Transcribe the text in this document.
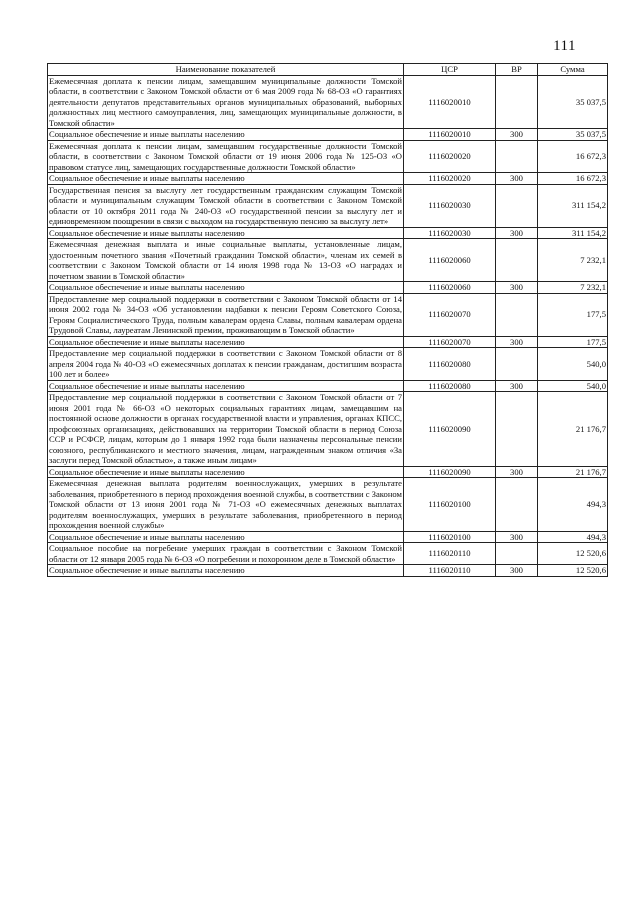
111
Наименование показателей	ЦСР	ВР	Сумма
Ежемесячная доплата к пенсии лицам, замещавшим муниципальные должности Томской области, в соответствии с Законом Томской области от 6 мая 2009 года № 68-ОЗ «О гарантиях деятельности депутатов представительных органов муниципальных образований, выборных должностных лиц местного самоуправления, лиц, замещающих муниципальные должности, в Томской области»	1116020010		35 037,5
Социальное обеспечение и иные выплаты населению	1116020010	300	35 037,5
Ежемесячная доплата к пенсии лицам, замещавшим государственные должности Томской области, в соответствии с Законом Томской области от 19 июня 2006 года № 125-ОЗ «О правовом статусе лиц, замещающих государственные должности Томской области»	1116020020		16 672,3
Социальное обеспечение и иные выплаты населению	1116020020	300	16 672,3
Государственная пенсия за выслугу лет государственным гражданским служащим Томской области и муниципальным служащим Томской области в соответствии с Законом Томской области от 10 октября 2011 года № 240-ОЗ «О государственной пенсии за выслугу лет и единовременном поощрении в связи с выходом на государственную пенсию за выслугу лет»	1116020030		311 154,2
Социальное обеспечение и иные выплаты населению	1116020030	300	311 154,2
Ежемесячная денежная выплата и иные социальные выплаты, установленные лицам, удостоенным почетного звания «Почетный гражданин Томской области», членам их семей в соответствии с Законом Томской области от 14 июля 1998 года № 13-ОЗ «О наградах и почетном звании в Томской области»	1116020060		7 232,1
Социальное обеспечение и иные выплаты населению	1116020060	300	7 232,1
Предоставление мер социальной поддержки в соответствии с Законом Томской области от 14 июня 2002 года № 34-ОЗ «Об установлении надбавки к пенсии Героям Советского Союза, Героям Социалистического Труда, полным кавалерам ордена Славы, полным кавалерам ордена Трудовой Славы, лауреатам Ленинской премии, проживающим в Томской области»	1116020070		177,5
Социальное обеспечение и иные выплаты населению	1116020070	300	177,5
Предоставление мер социальной поддержки в соответствии с Законом Томской области от 8 апреля 2004 года № 40-ОЗ «О ежемесячных доплатах к пенсии гражданам, достигшим возраста 100 лет и более»	1116020080		540,0
Социальное обеспечение и иные выплаты населению	1116020080	300	540,0
Предоставление мер социальной поддержки в соответствии с Законом Томской области от 7 июня 2001 года № 66-ОЗ «О некоторых социальных гарантиях лицам, замещавшим на постоянной основе должности в органах государственной власти и управления, органах КПСС, профсоюзных организациях, действовавших на территории Томской области в период Союза ССР и РСФСР, лицам, которым до 1 января 1992 года были назначены персональные пенсии союзного, республиканского и местного значения, лицам, награжденным знаком отличия «За заслуги перед Томской областью», а также иным лицам»	1116020090		21 176,7
Социальное обеспечение и иные выплаты населению	1116020090	300	21 176,7
Ежемесячная денежная выплата родителям военнослужащих, умерших в результате заболевания, приобретенного в период прохождения военной службы, в соответствии с Законом Томской области от 13 июня 2001 года № 71-ОЗ «О ежемесячных денежных выплатах родителям военнослужащих, умерших в результате заболевания, приобретенного в период прохождения военной службы»	1116020100		494,3
Социальное обеспечение и иные выплаты населению	1116020100	300	494,3
Социальное пособие на погребение умерших граждан в соответствии с Законом Томской области от 12 января 2005 года № 6-ОЗ «О погребении и похоронном деле в Томской области»	1116020110		12 520,6
Социальное обеспечение и иные выплаты населению	1116020110	300	12 520,6
